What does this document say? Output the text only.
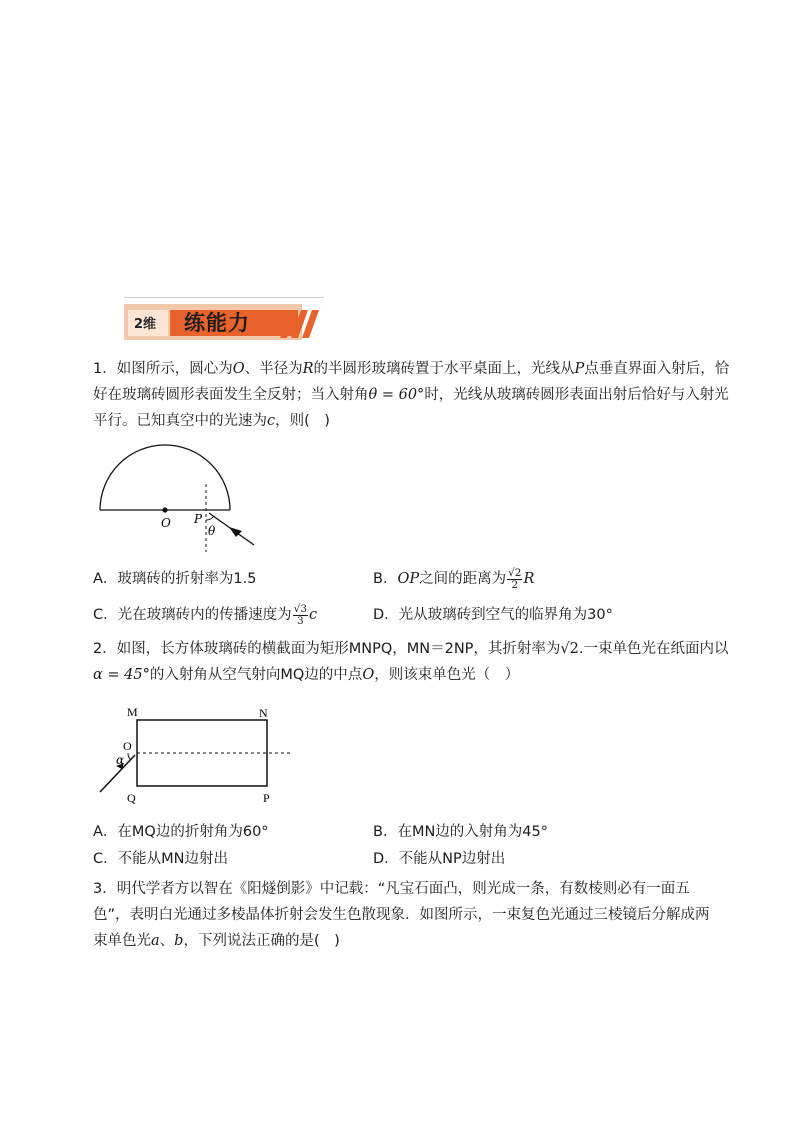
2维 练能力
1．如图所示，圆心为O、半径为R的半圆形玻璃砖置于水平桌面上，光线从P点垂直界面入射后，恰
好在玻璃砖圆形表面发生全反射；当入射角θ = 60°时，光线从玻璃砖圆形表面出射后恰好与入射光
平行。已知真空中的光速为c，则(　)
O P
θ
A．玻璃砖的折射率为1.5	B．OP之间的距离为 $\frac{√2}{2}$ R
C．光在玻璃砖内的传播速度为 $\frac{√3}{3}$ c	D．光从玻璃砖到空气的临界角为30°
2．如图，长方体玻璃砖的横截面为矩形MNPQ，MN＝2NP，其折射率为√2.一束单色光在纸面内以
α = 45°的入射角从空气射向MQ边的中点O，则该束单色光（　）
M	N
O
α
Q	P
A．在MQ边的折射角为60°	B．在MN边的入射角为45°
C．不能从MN边射出	D．不能从NP边射出
3．明代学者方以智在《阳燧倒影》中记载：“凡宝石面凸，则光成一条，有数棱则必有一面五
色”，表明白光通过多棱晶体折射会发生色散现象．如图所示，一束复色光通过三棱镜后分解成两
束单色光a、b，下列说法正确的是(　)
